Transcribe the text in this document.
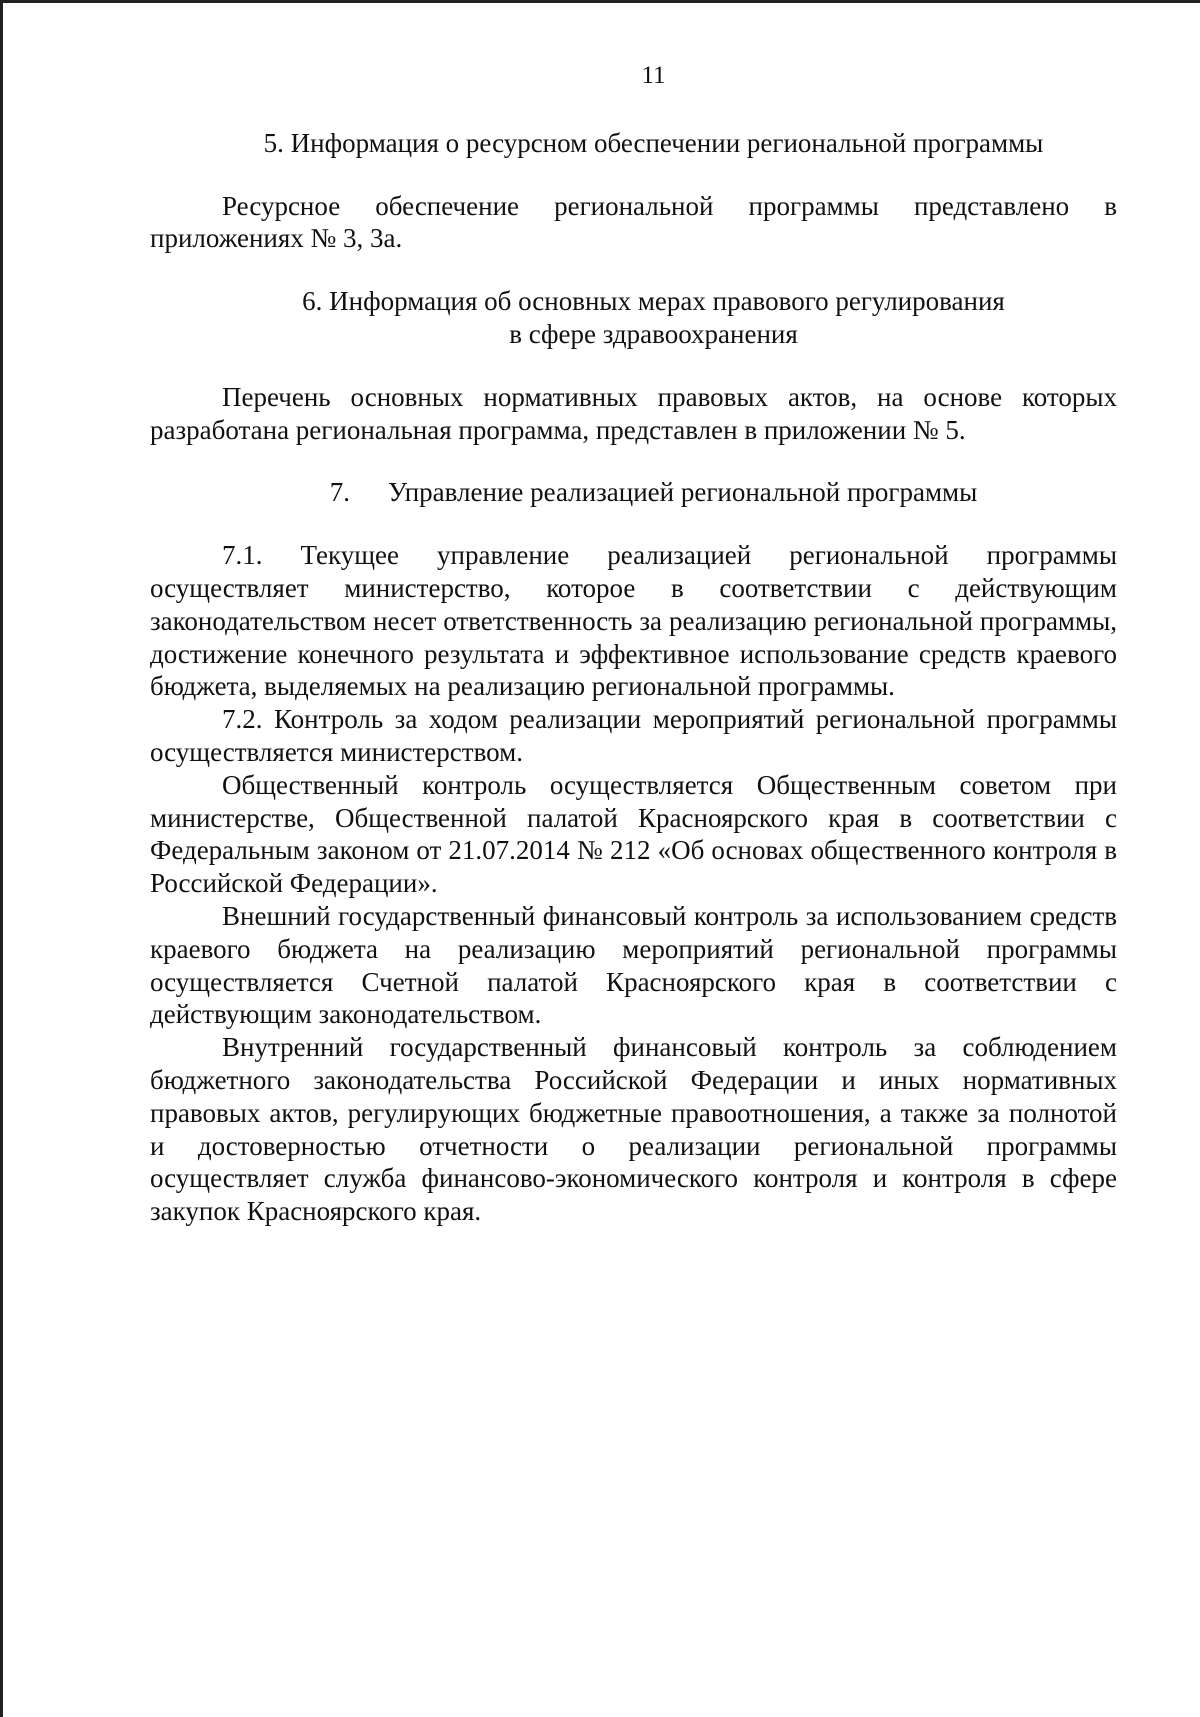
11

5. Информация о ресурсном обеспечении региональной программы

Ресурсное обеспечение региональной программы представлено в приложениях № 3, 3а.

6. Информация об основных мерах правового регулирования
в сфере здравоохранения

Перечень основных нормативных правовых актов, на основе которых разработана региональная программа, представлен в приложении № 5.

7. Управление реализацией региональной программы

7.1. Текущее управление реализацией региональной программы осуществляет министерство, которое в соответствии с действующим законодательством несет ответственность за реализацию региональной программы, достижение конечного результата и эффективное использование средств краевого бюджета, выделяемых на реализацию региональной программы.

7.2. Контроль за ходом реализации мероприятий региональной программы осуществляется министерством.

Общественный контроль осуществляется Общественным советом при министерстве, Общественной палатой Красноярского края в соответствии с Федеральным законом от 21.07.2014 № 212 «Об основах общественного контроля в Российской Федерации».

Внешний государственный финансовый контроль за использованием средств краевого бюджета на реализацию мероприятий региональной программы осуществляется Счетной палатой Красноярского края в соответствии с действующим законодательством.

Внутренний государственный финансовый контроль за соблюдением бюджетного законодательства Российской Федерации и иных нормативных правовых актов, регулирующих бюджетные правоотношения, а также за полнотой и достоверностью отчетности о реализации региональной программы осуществляет служба финансово-экономического контроля и контроля в сфере закупок Красноярского края.
